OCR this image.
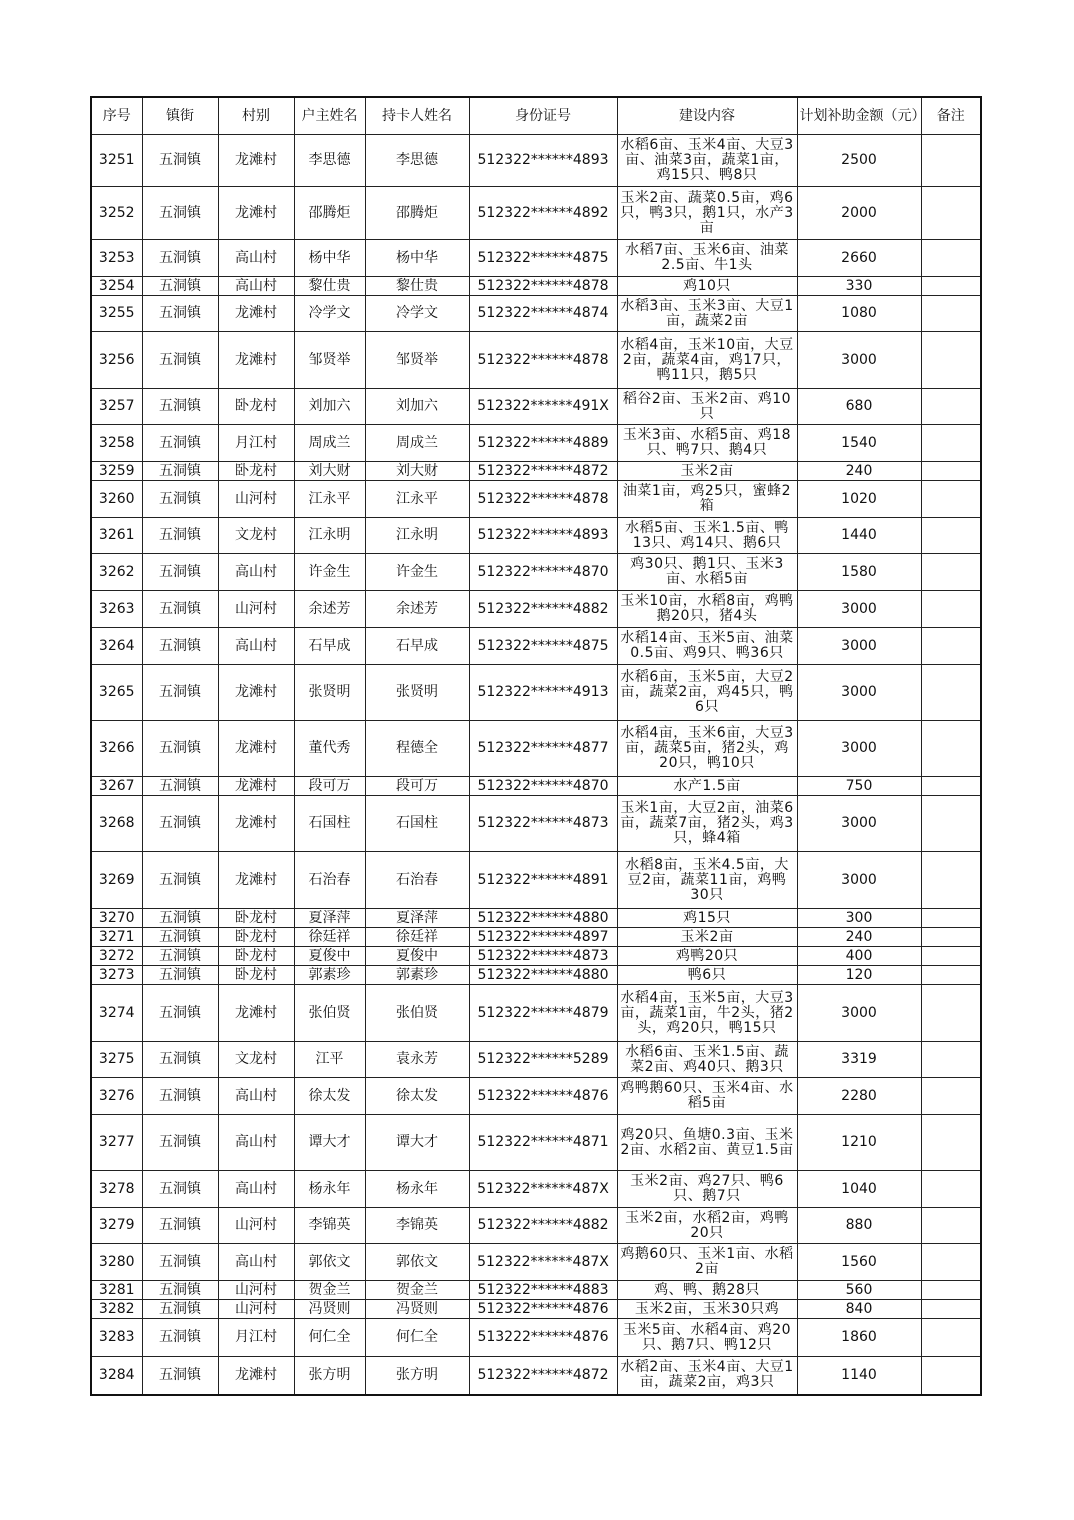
序号	镇街	村别	户主姓名	持卡人姓名	身份证号	建设内容	计划补助金额（元）	备注
3251	五洞镇	龙滩村	李思德	李思德	512322******4893	水稻6亩、玉米4亩、大豆3亩、油菜3亩，蔬菜1亩，鸡15只、鸭8只	2500	
3252	五洞镇	龙滩村	邵腾炬	邵腾炬	512322******4892	玉米2亩、蔬菜0.5亩，鸡6只，鸭3只，鹅1只，水产3亩	2000	
3253	五洞镇	高山村	杨中华	杨中华	512322******4875	水稻7亩、玉米6亩、油菜2.5亩、牛1头	2660	
3254	五洞镇	高山村	黎仕贵	黎仕贵	512322******4878	鸡10只	330	
3255	五洞镇	龙滩村	冷学文	冷学文	512322******4874	水稻3亩、玉米3亩、大豆1亩，蔬菜2亩	1080	
3256	五洞镇	龙滩村	邹贤举	邹贤举	512322******4878	水稻4亩，玉米10亩，大豆2亩，蔬菜4亩，鸡17只，鸭11只，鹅5只	3000	
3257	五洞镇	卧龙村	刘加六	刘加六	512322******491X	稻谷2亩、玉米2亩、鸡10只	680	
3258	五洞镇	月江村	周成兰	周成兰	512322******4889	玉米3亩、水稻5亩、鸡18只、鸭7只、鹅4只	1540	
3259	五洞镇	卧龙村	刘大财	刘大财	512322******4872	玉米2亩	240	
3260	五洞镇	山河村	江永平	江永平	512322******4878	油菜1亩，鸡25只，蜜蜂2箱	1020	
3261	五洞镇	文龙村	江永明	江永明	512322******4893	水稻5亩、玉米1.5亩、鸭13只、鸡14只、鹅6只	1440	
3262	五洞镇	高山村	许金生	许金生	512322******4870	鸡30只、鹅1只、玉米3亩、水稻5亩	1580	
3263	五洞镇	山河村	余述芳	余述芳	512322******4882	玉米10亩，水稻8亩，鸡鸭鹅20只，猪4头	3000	
3264	五洞镇	高山村	石早成	石早成	512322******4875	水稻14亩、玉米5亩、油菜0.5亩、鸡9只、鸭36只	3000	
3265	五洞镇	龙滩村	张贤明	张贤明	512322******4913	水稻6亩，玉米5亩，大豆2亩，蔬菜2亩，鸡45只，鸭6只	3000	
3266	五洞镇	龙滩村	董代秀	程德全	512322******4877	水稻4亩，玉米6亩，大豆3亩，蔬菜5亩，猪2头，鸡20只，鸭10只	3000	
3267	五洞镇	龙滩村	段可万	段可万	512322******4870	水产1.5亩	750	
3268	五洞镇	龙滩村	石国柱	石国柱	512322******4873	玉米1亩，大豆2亩，油菜6亩，蔬菜7亩，猪2头，鸡3只，蜂4箱	3000	
3269	五洞镇	龙滩村	石治春	石治春	512322******4891	水稻8亩，玉米4.5亩，大豆2亩，蔬菜11亩，鸡鸭30只	3000	
3270	五洞镇	卧龙村	夏泽萍	夏泽萍	512322******4880	鸡15只	300	
3271	五洞镇	卧龙村	徐廷祥	徐廷祥	512322******4897	玉米2亩	240	
3272	五洞镇	卧龙村	夏俊中	夏俊中	512322******4873	鸡鸭20只	400	
3273	五洞镇	卧龙村	郭素珍	郭素珍	512322******4880	鸭6只	120	
3274	五洞镇	龙滩村	张伯贤	张伯贤	512322******4879	水稻4亩，玉米5亩，大豆3亩，蔬菜1亩，牛2头，猪2头，鸡20只，鸭15只	3000	
3275	五洞镇	文龙村	江平	袁永芳	512322******5289	水稻6亩、玉米1.5亩、蔬菜2亩、鸡40只、鹅3只	3319	
3276	五洞镇	高山村	徐太发	徐太发	512322******4876	鸡鸭鹅60只、玉米4亩、水稻5亩	2280	
3277	五洞镇	高山村	谭大才	谭大才	512322******4871	鸡20只、鱼塘0.3亩、玉米2亩、水稻2亩、黄豆1.5亩	1210	
3278	五洞镇	高山村	杨永年	杨永年	512322******487X	玉米2亩、鸡27只、鸭6只、鹅7只	1040	
3279	五洞镇	山河村	李锦英	李锦英	512322******4882	玉米2亩，水稻2亩，鸡鸭20只	880	
3280	五洞镇	高山村	郭依文	郭依文	512322******487X	鸡鹅60只、玉米1亩、水稻2亩	1560	
3281	五洞镇	山河村	贺金兰	贺金兰	512322******4883	鸡、鸭、鹅28只	560	
3282	五洞镇	山河村	冯贤则	冯贤则	512322******4876	玉米2亩，玉米30只鸡	840	
3283	五洞镇	月江村	何仁全	何仁全	513222******4876	玉米5亩、水稻4亩、鸡20只、鹅7只、鸭12只	1860	
3284	五洞镇	龙滩村	张方明	张方明	512322******4872	水稻2亩、玉米4亩、大豆1亩，蔬菜2亩，鸡3只	1140	
